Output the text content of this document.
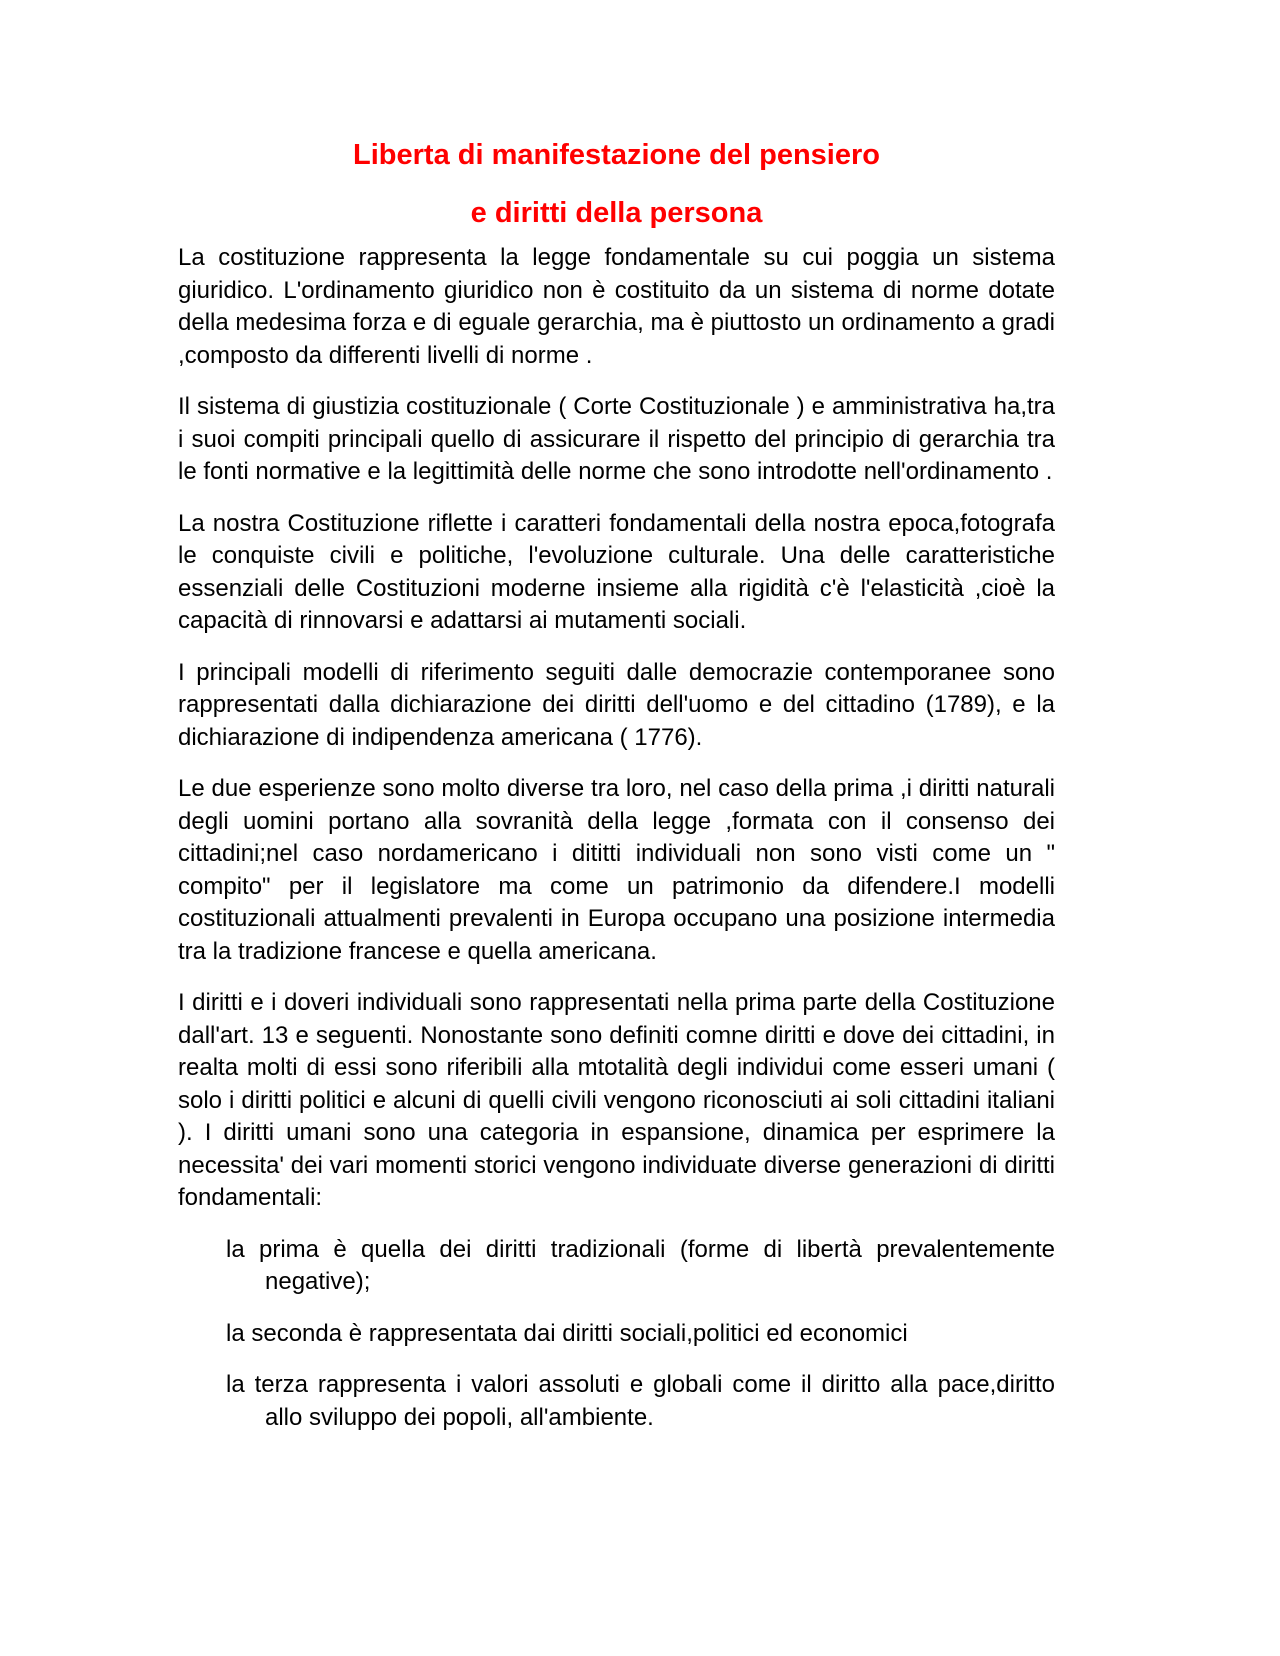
Liberta di manifestazione del pensiero
e diritti della persona

La costituzione rappresenta la legge fondamentale su cui poggia un sistema giuridico. L'ordinamento giuridico non è costituito da un sistema di norme dotate della medesima forza e di eguale gerarchia, ma è piuttosto un ordinamento a gradi ,composto da differenti livelli di norme .

Il sistema di giustizia costituzionale ( Corte Costituzionale ) e amministrativa ha,tra i suoi compiti principali quello di assicurare il rispetto del principio di gerarchia tra le fonti normative e la legittimità delle norme che sono introdotte nell'ordinamento .

La nostra Costituzione riflette i caratteri fondamentali della nostra epoca,fotografa le conquiste civili e politiche, l'evoluzione culturale. Una delle caratteristiche essenziali delle Costituzioni moderne insieme alla rigidità c'è l'elasticità ,cioè la capacità di rinnovarsi e adattarsi ai mutamenti sociali.

I principali modelli di riferimento seguiti dalle democrazie contemporanee sono rappresentati dalla dichiarazione dei diritti dell'uomo e del cittadino (1789), e la dichiarazione di indipendenza americana ( 1776).

Le due esperienze sono molto diverse tra loro, nel caso della prima ,i diritti naturali degli uomini portano alla sovranità della legge ,formata con il consenso dei cittadini;nel caso nordamericano i dititti individuali non sono visti come un " compito" per il legislatore ma come un patrimonio da difendere.I modelli costituzionali attualmenti prevalenti in Europa occupano una posizione intermedia tra la tradizione francese e quella americana.

I diritti e i doveri individuali sono rappresentati nella prima parte della Costituzione dall'art. 13 e seguenti. Nonostante sono definiti comne diritti e dove dei cittadini, in realta molti di essi sono riferibili alla mtotalità degli individui come esseri umani ( solo i diritti politici e alcuni di quelli civili vengono riconosciuti ai soli cittadini italiani ). I diritti umani sono una categoria in espansione, dinamica per esprimere la necessita' dei vari momenti storici vengono individuate diverse generazioni di diritti fondamentali:

la prima è quella dei diritti tradizionali (forme di libertà prevalentemente negative);

la seconda è rappresentata dai diritti sociali,politici ed economici

la terza rappresenta i valori assoluti e globali come il diritto alla pace,diritto allo sviluppo dei popoli, all'ambiente.
